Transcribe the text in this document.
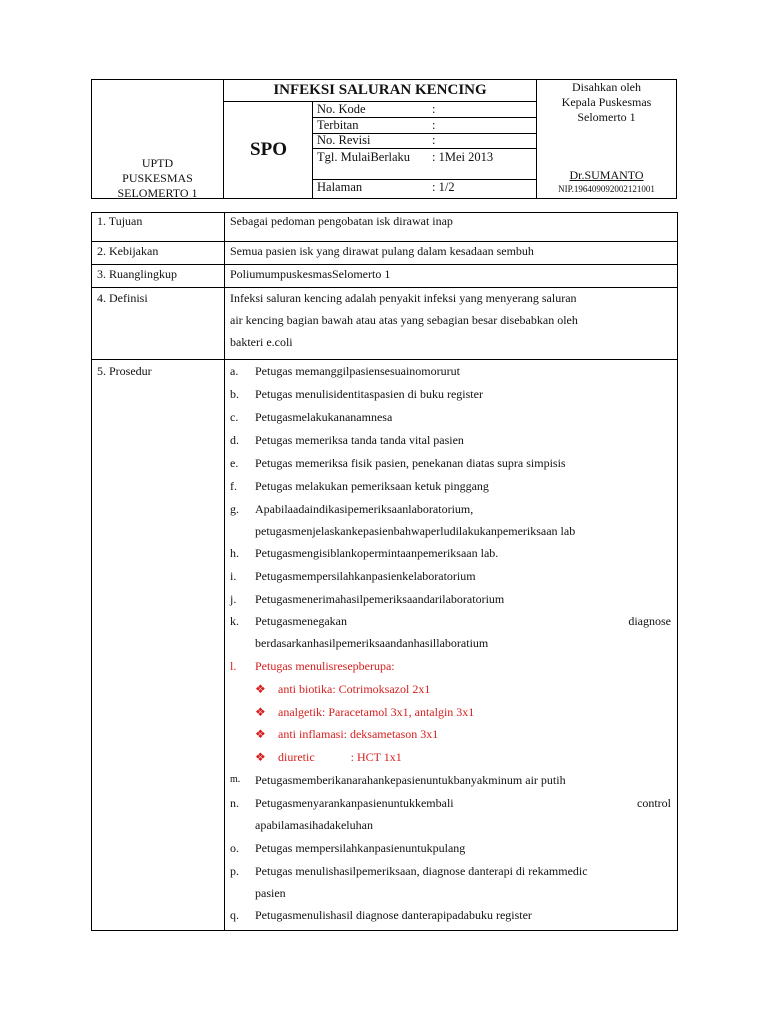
INFEKSI SALURAN KENCING
SPO
No. Kode	:
Terbitan	:
No. Revisi	:
Tgl. MulaiBerlaku	: 1Mei 2013
Halaman	: 1/2
UPTD
PUSKESMAS
SELOMERTO 1
Disahkan oleh
Kepala Puskesmas
Selomerto 1
Dr.SUMANTO
NIP.196409092002121001
1. Tujuan	Sebagai pedoman pengobatan isk dirawat inap
2. Kebijakan	Semua pasien isk yang dirawat pulang dalam kesadaan sembuh
3. Ruanglingkup	PoliumumpuskesmasSelomerto 1
4. Definisi	Infeksi saluran kencing adalah penyakit infeksi yang menyerang saluran
air kencing bagian bawah atau atas yang sebagian besar disebabkan oleh
bakteri e.coli
5. Prosedur	a. Petugas memanggilpasiensesuainomorurut
b. Petugas menulisidentitaspasien di buku register
c. Petugasmelakukananamnesa
d. Petugas memeriksa tanda tanda vital pasien
e. Petugas memeriksa fisik pasien, penekanan diatas supra simpisis
f. Petugas melakukan pemeriksaan ketuk pinggang
g. Apabilaadaindikasipemeriksaanlaboratorium,
petugasmenjelaskankepasienbahwaperludilakukanpemeriksaan lab
h. Petugasmengisiblankopermintaanpemeriksaan lab.
i. Petugasmempersilahkanpasienkelaboratorium
j. Petugasmenerimahasilpemeriksaandarilaboratorium
k. Petugasmenegakan	diagnose
berdasarkanhasilpemeriksaandanhasillaboratium
l. Petugas menulisresepberupa:
❖ anti biotika: Cotrimoksazol 2x1
❖ analgetik: Paracetamol 3x1, antalgin 3x1
❖ anti inflamasi: deksametason 3x1
❖ diuretic            : HCT 1x1
m. Petugasmemberikanarahankepasienuntukbanyakminum air putih
n. Petugasmenyarankanpasienuntukkembali	control
apabilamasihadakeluhan
o. Petugas mempersilahkanpasienuntukpulang
p. Petugas menulishasilpemeriksaan, diagnose danterapi di rekammedic
pasien
q. Petugasmenulishasil diagnose danterapipadabuku register
